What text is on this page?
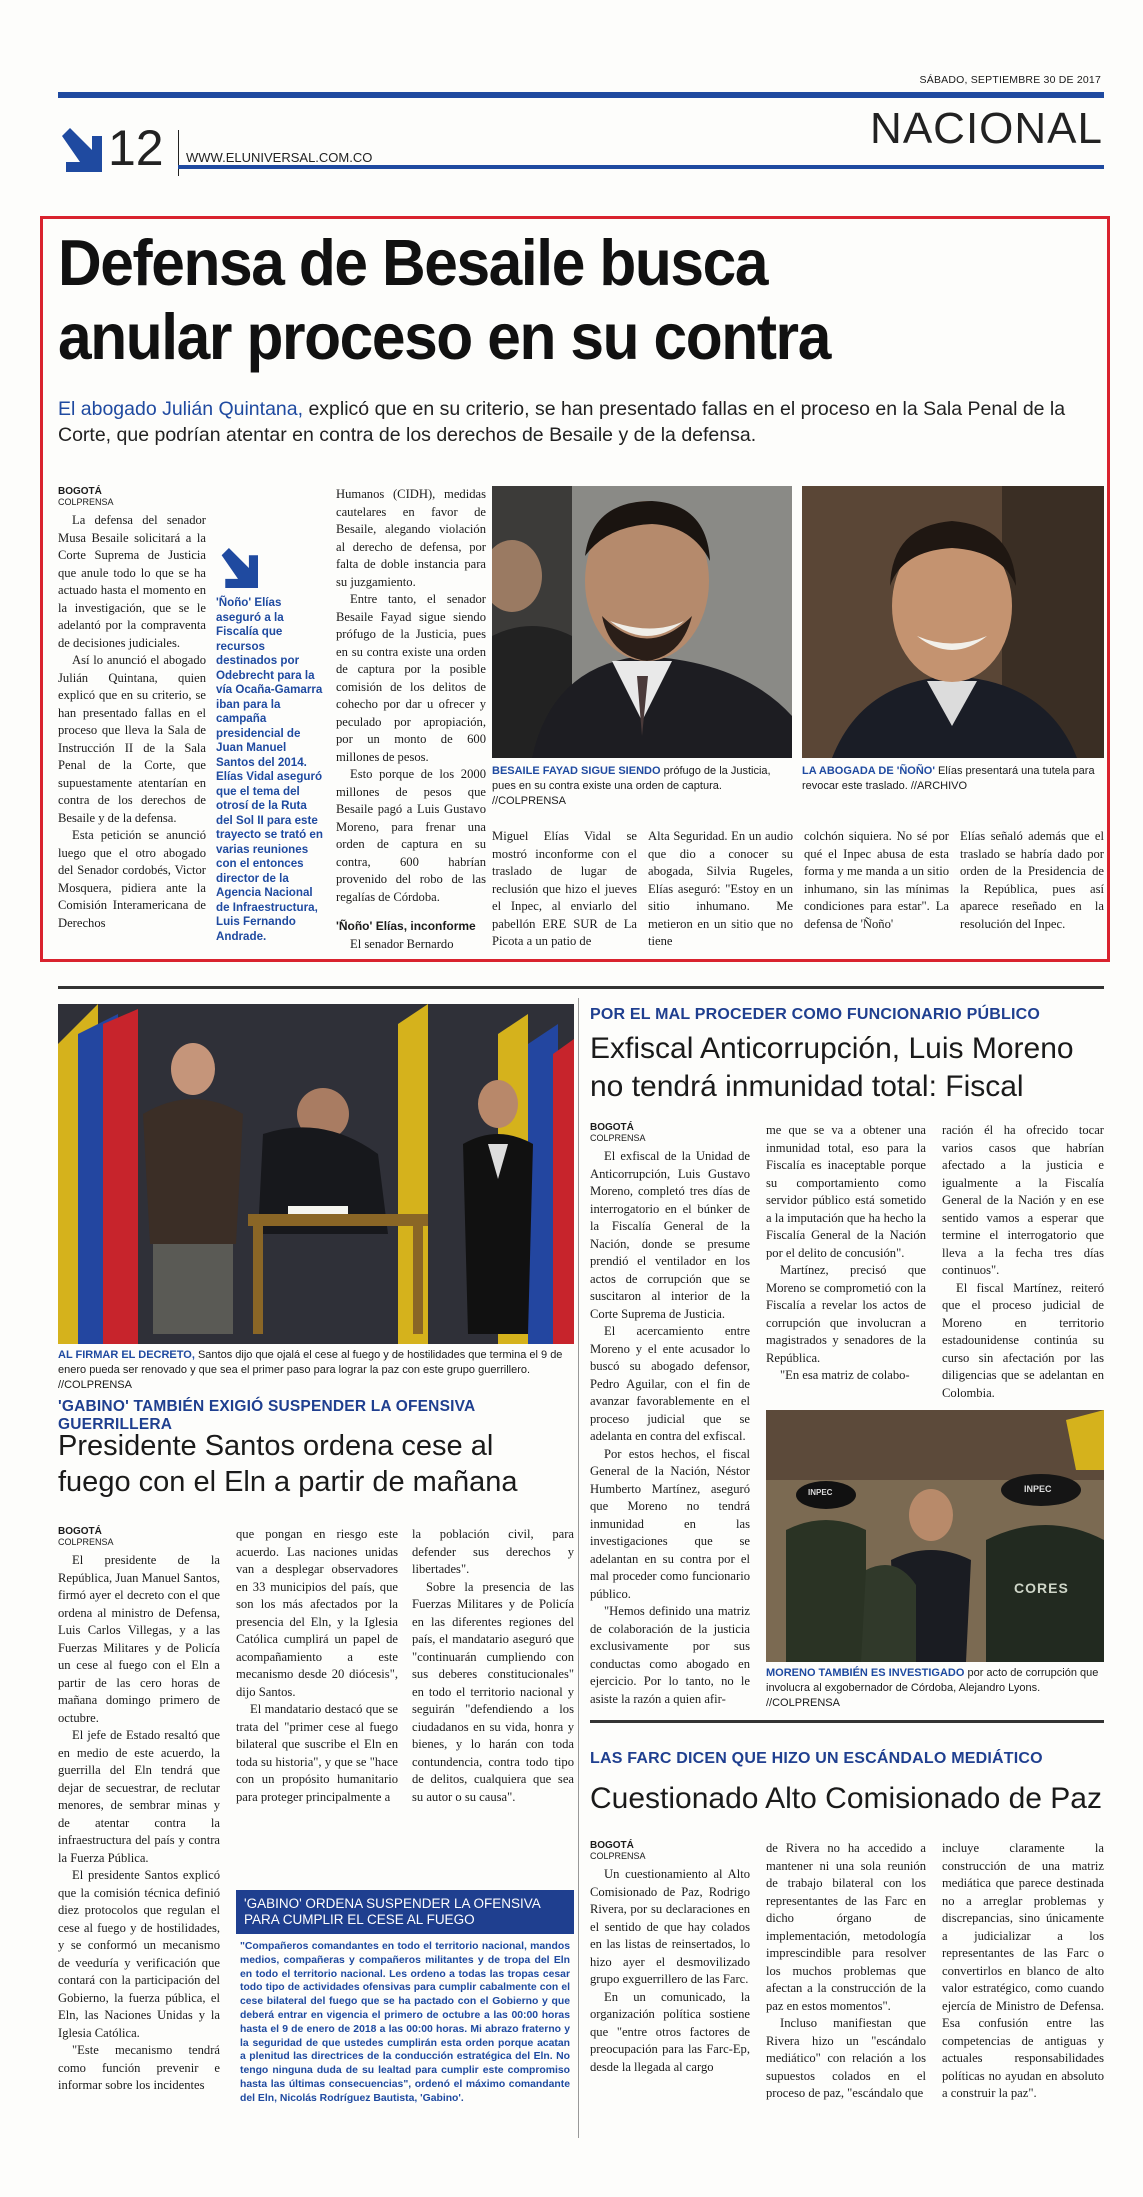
SÁBADO, SEPTIEMBRE 30 DE 2017
12 WWW.ELUNIVERSAL.COM.CO
NACIONAL
Defensa de Besaile busca
anular proceso en su contra
El abogado Julián Quintana, explicó que en su criterio, se han presentado fallas en el proceso en la Sala Penal de la Corte, que podrían atentar en contra de los derechos de Besaile y de la defensa.
BOGOTÁ
COLPRENSA

La defensa del senador Musa Besaile solicitará a la Corte Suprema de Justicia que anule todo lo que se ha actuado hasta el momento en la investigación, que se le adelantó por la compraventa de decisiones judiciales.

Así lo anunció el abogado Julián Quintana, quien explicó que en su criterio, se han presentado fallas en el proceso que lleva la Sala de Instrucción II de la Sala Penal de la Corte, que supuestamente atentarían en contra de los derechos de Besaile y de la defensa.

Esta petición se anunció luego que el otro abogado del Senador cordobés, Victor Mosquera, pidiera ante la Comisión Interamericana de Derechos

'Ñoño' Elías aseguró a la Fiscalía que recursos destinados por Odebrecht para la vía Ocaña-Gamarra iban para la campaña presidencial de Juan Manuel Santos del 2014. Elías Vidal aseguró que el tema del otrosí de la Ruta del Sol II para este trayecto se trató en varias reuniones con el entonces director de la Agencia Nacional de Infraestructura, Luis Fernando Andrade.

Humanos (CIDH), medidas cautelares en favor de Besaile, alegando violación al derecho de defensa, por falta de doble instancia para su juzgamiento.

Entre tanto, el senador Besaile Fayad sigue siendo prófugo de la Justicia, pues en su contra existe una orden de captura por la posible comisión de los delitos de cohecho por dar u ofrecer y peculado por apropiación, por un monto de 600 millones de pesos.

Esto porque de los 2000 millones de pesos que Besaile pagó a Luis Gustavo Moreno, para frenar una orden de captura en su contra, 600 habrían provenido del robo de las regalías de Córdoba.

'Ñoño' Elías, inconforme

El senador Bernardo

BESAILE FAYAD SIGUE SIENDO prófugo de la Justicia, pues en su contra existe una orden de captura. //COLPRENSA
LA ABOGADA DE 'ÑOÑO' Elías presentará una tutela para revocar este traslado. //ARCHIVO

Miguel Elías Vidal se mostró inconforme con el traslado de lugar de reclusión que hizo el jueves el Inpec, al enviarlo del pabellón ERE SUR de La Picota a un patio de

Alta Seguridad. En un audio que dio a conocer su abogada, Silvia Rugeles, Elías aseguró: "Estoy en un sitio inhumano. Me metieron en un sitio que no tiene

colchón siquiera. No sé por qué el Inpec abusa de esta forma y me manda a un sitio inhumano, sin las mínimas condiciones para estar". La defensa de 'Ñoño'

Elías señaló además que el traslado se habría dado por orden de la Presidencia de la República, pues así aparece reseñado en la resolución del Inpec.

AL FIRMAR EL DECRETO, Santos dijo que ojalá el cese al fuego y de hostilidades que termina el 9 de enero pueda ser renovado y que sea el primer paso para lograr la paz con este grupo guerrillero. //COLPRENSA
'GABINO' TAMBIÉN EXIGIÓ SUSPENDER LA OFENSIVA GUERRILLERA
Presidente Santos ordena cese al fuego con el Eln a partir de mañana
BOGOTÁ
COLPRENSA

El presidente de la República, Juan Manuel Santos, firmó ayer el decreto con el que ordena al ministro de Defensa, Luis Carlos Villegas, y a las Fuerzas Militares y de Policía un cese al fuego con el Eln a partir de las cero horas de mañana domingo primero de octubre.

El jefe de Estado resaltó que en medio de este acuerdo, la guerrilla del Eln tendrá que dejar de secuestrar, de reclutar menores, de sembrar minas y de atentar contra la infraestructura del país y contra la Fuerza Pública.

El presidente Santos explicó que la comisión técnica definió diez protocolos que regulan el cese al fuego y de hostilidades, y se conformó un mecanismo de veeduría y verificación que contará con la participación del Gobierno, la fuerza pública, el Eln, las Naciones Unidas y la Iglesia Católica.

"Este mecanismo tendrá como función prevenir e informar sobre los incidentes

que pongan en riesgo este acuerdo. Las naciones unidas van a desplegar observadores en 33 municipios del país, que son los más afectados por la presencia del Eln, y la Iglesia Católica cumplirá un papel de acompañamiento a este mecanismo desde 20 diócesis", dijo Santos.

El mandatario destacó que se trata del "primer cese al fuego bilateral que suscribe el Eln en toda su historia", y que se "hace con un propósito humanitario para proteger principalmente a

la población civil, para defender sus derechos y libertades".

Sobre la presencia de las Fuerzas Militares y de Policía en las diferentes regiones del país, el mandatario aseguró que "continuarán cumpliendo con sus deberes constitucionales" en todo el territorio nacional y seguirán "defendiendo a los ciudadanos en su vida, honra y bienes, y lo harán con toda contundencia, contra todo tipo de delitos, cualquiera que sea su autor o su causa".

'GABINO' ORDENA SUSPENDER LA OFENSIVA PARA CUMPLIR EL CESE AL FUEGO
"Compañeros comandantes en todo el territorio nacional, mandos medios, compañeras y compañeros militantes y de tropa del Eln en todo el territorio nacional. Les ordeno a todas las tropas cesar todo tipo de actividades ofensivas para cumplir cabalmente con el cese bilateral del fuego que se ha pactado con el Gobierno y que deberá entrar en vigencia el primero de octubre a las 00:00 horas hasta el 9 de enero de 2018 a las 00:00 horas. Mi abrazo fraterno y la seguridad de que ustedes cumplirán esta orden porque acatan a plenitud las directrices de la conducción estratégica del Eln. No tengo ninguna duda de su lealtad para cumplir este compromiso hasta las últimas consecuencias", ordenó el máximo comandante del Eln, Nicolás Rodríguez Bautista, 'Gabino'.
POR EL MAL PROCEDER COMO FUNCIONARIO PÚBLICO
Exfiscal Anticorrupción, Luis Moreno no tendrá inmunidad total: Fiscal
BOGOTÁ
COLPRENSA

El exfiscal de la Unidad de Anticorrupción, Luis Gustavo Moreno, completó tres días de interrogatorio en el búnker de la Fiscalía General de la Nación, donde se presume prendió el ventilador en los actos de corrupción que se suscitaron al interior de la Corte Suprema de Justicia.

El acercamiento entre Moreno y el ente acusador lo buscó su abogado defensor, Pedro Aguilar, con el fin de avanzar favorablemente en el proceso judicial que se adelanta en contra del exfiscal.

Por estos hechos, el fiscal General de la Nación, Néstor Humberto Martínez, aseguró que Moreno no tendrá inmunidad en las investigaciones que se adelantan en su contra por el mal proceder como funcionario público.

"Hemos definido una matriz de colaboración de la justicia exclusivamente por sus conductas como abogado en ejercicio. Por lo tanto, no le asiste la razón a quien afir-

me que se va a obtener una inmunidad total, eso para la Fiscalía es inaceptable porque su comportamiento como servidor público está sometido a la imputación que ha hecho la Fiscalía General de la Nación por el delito de concusión".

Martínez, precisó que Moreno se comprometió con la Fiscalía a revelar los actos de corrupción que involucran a magistrados y senadores de la República.

"En esa matriz de colabo-

ración él ha ofrecido tocar varios casos que habrían afectado a la justicia e igualmente a la Fiscalía General de la Nación y en ese sentido vamos a esperar que termine el interrogatorio que lleva a la fecha tres días continuos".

El fiscal Martínez, reiteró que el proceso judicial de Moreno en territorio estadounidense continúa su curso sin afectación por las diligencias que se adelantan en Colombia.

INPEC	INPEC
CORES
MORENO TAMBIÉN ES INVESTIGADO por acto de corrupción que involucra al exgobernador de Córdoba, Alejandro Lyons. //COLPRENSA
LAS FARC DICEN QUE HIZO UN ESCÁNDALO MEDIÁTICO
Cuestionado Alto Comisionado de Paz
BOGOTÁ
COLPRENSA

Un cuestionamiento al Alto Comisionado de Paz, Rodrigo Rivera, por su declaraciones en el sentido de que hay colados en las listas de reinsertados, lo hizo ayer el desmovilizado grupo exguerrillero de las Farc.

En un comunicado, la organización política sostiene que "entre otros factores de preocupación para las Farc-Ep, desde la llegada al cargo

de Rivera no ha accedido a mantener ni una sola reunión de trabajo bilateral con los representantes de las Farc en dicho órgano de implementación, metodología imprescindible para resolver los muchos problemas que afectan a la construcción de la paz en estos momentos".

Incluso manifiestan que Rivera hizo un "escándalo mediático" con relación a los supuestos colados en el proceso de paz, "escándalo que

incluye claramente la construcción de una matriz mediática que parece destinada no a arreglar problemas y discrepancias, sino únicamente a judicializar a los representantes de las Farc o convertirlos en blanco de alto valor estratégico, como cuando ejercía de Ministro de Defensa. Esa confusión entre las competencias de antiguas y actuales responsabilidades políticas no ayudan en absoluto a construir la paz".
